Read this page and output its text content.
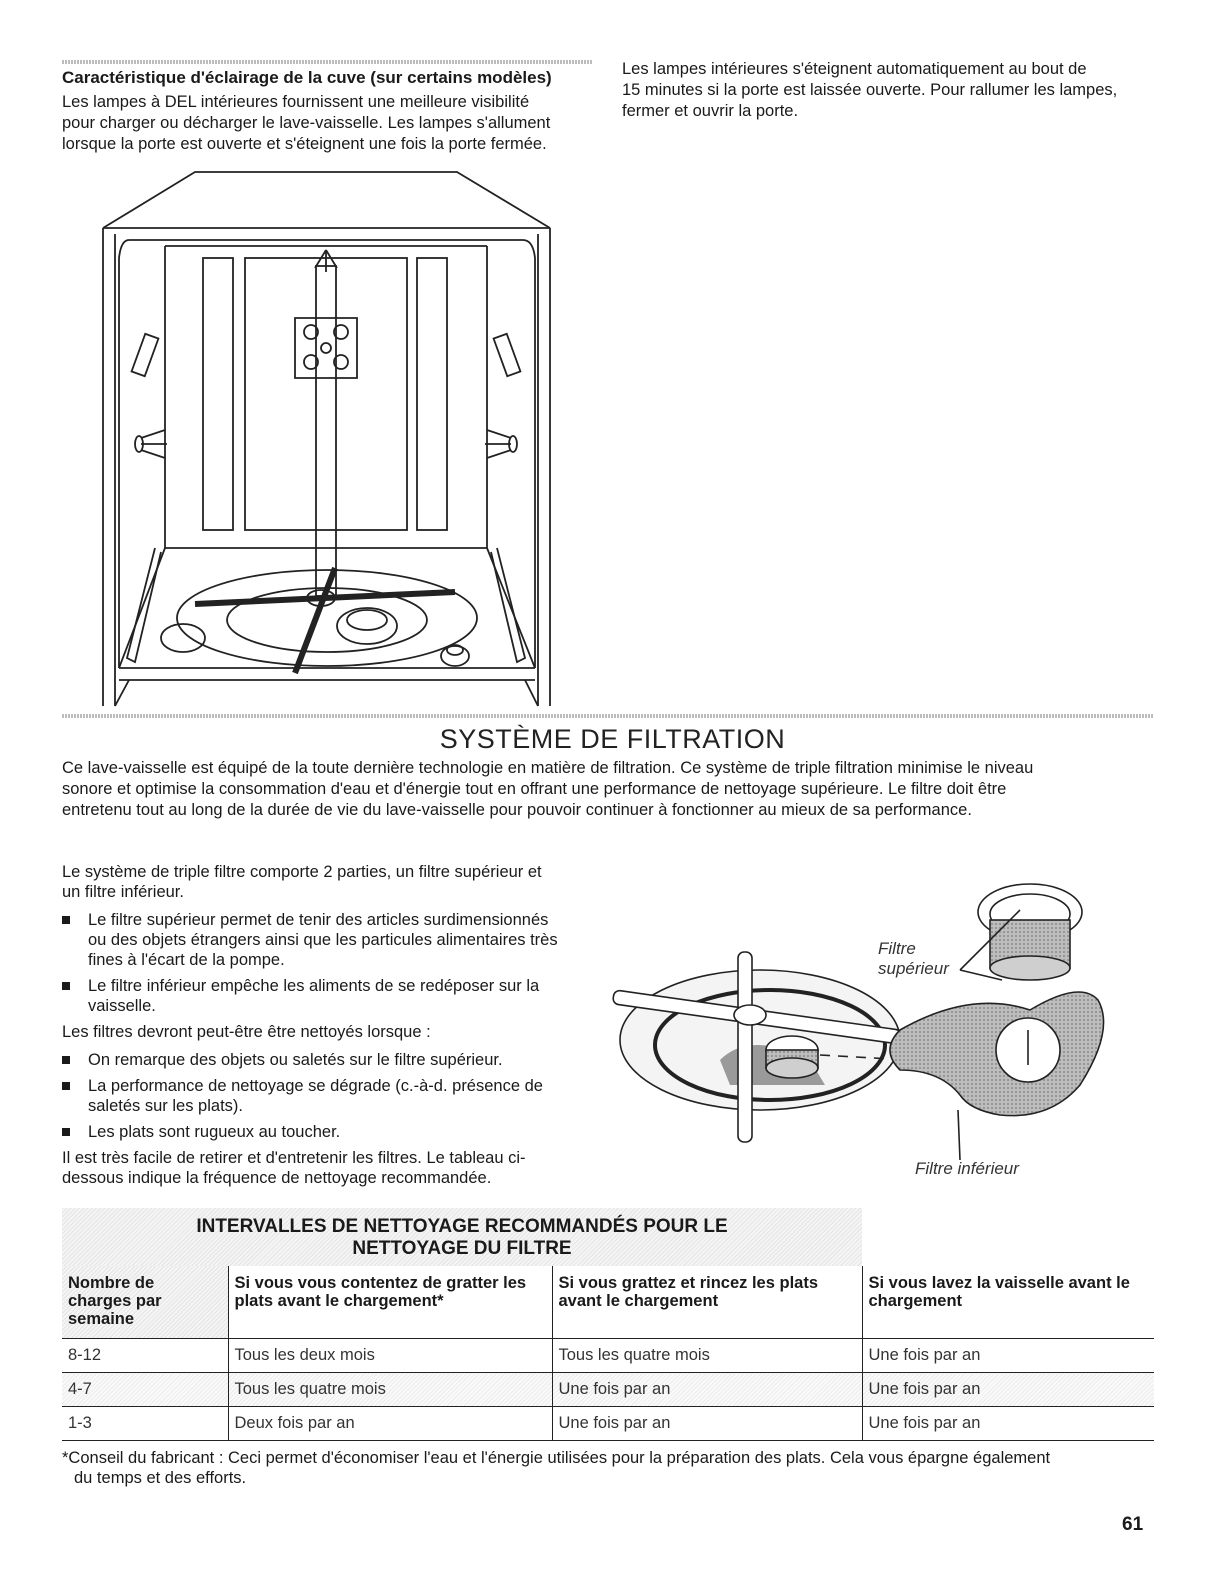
Caractéristique d'éclairage de la cuve (sur certains modèles)
Les lampes à DEL intérieures fournissent une meilleure visibilité
pour charger ou décharger le lave-vaisselle. Les lampes s'allument
lorsque la porte est ouverte et s'éteignent une fois la porte fermée.
Les lampes intérieures s'éteignent automatiquement au bout de
15 minutes si la porte est laissée ouverte. Pour rallumer les lampes,
fermer et ouvrir la porte.
SYSTÈME DE FILTRATION
Ce lave-vaisselle est équipé de la toute dernière technologie en matière de filtration. Ce système de triple filtration minimise le niveau
sonore et optimise la consommation d'eau et d'énergie tout en offrant une performance de nettoyage supérieure. Le filtre doit être
entretenu tout au long de la durée de vie du lave-vaisselle pour pouvoir continuer à fonctionner au mieux de sa performance.

Le système de triple filtre comporte 2 parties, un filtre supérieur et un filtre inférieur.

Le filtre supérieur permet de tenir des articles surdimensionnés ou des objets étrangers ainsi que les particules alimentaires très fines à l'écart de la pompe.
Le filtre inférieur empêche les aliments de se redéposer sur la vaisselle.

Les filtres devront peut-être être nettoyés lorsque :

On remarque des objets ou saletés sur le filtre supérieur.
La performance de nettoyage se dégrade (c.-à-d. présence de saletés sur les plats).
Les plats sont rugueux au toucher.

Il est très facile de retirer et d'entretenir les filtres. Le tableau ci-dessous indique la fréquence de nettoyage recommandée.

Filtre
supérieur
Filtre inférieur
INTERVALLES DE NETTOYAGE RECOMMANDÉS POUR LE
NETTOYAGE DU FILTRE
Nombre de charges par semaine	Si vous vous contentez de gratter les plats avant le chargement*	Si vous grattez et rincez les plats avant le chargement	Si vous lavez la vaisselle avant le chargement
8-12	Tous les deux mois	Tous les quatre mois	Une fois par an
4-7	Tous les quatre mois	Une fois par an	Une fois par an
1-3	Deux fois par an	Une fois par an	Une fois par an
*Conseil du fabricant : Ceci permet d'économiser l'eau et l'énergie utilisées pour la préparation des plats. Cela vous épargne également
du temps et des efforts.
61
